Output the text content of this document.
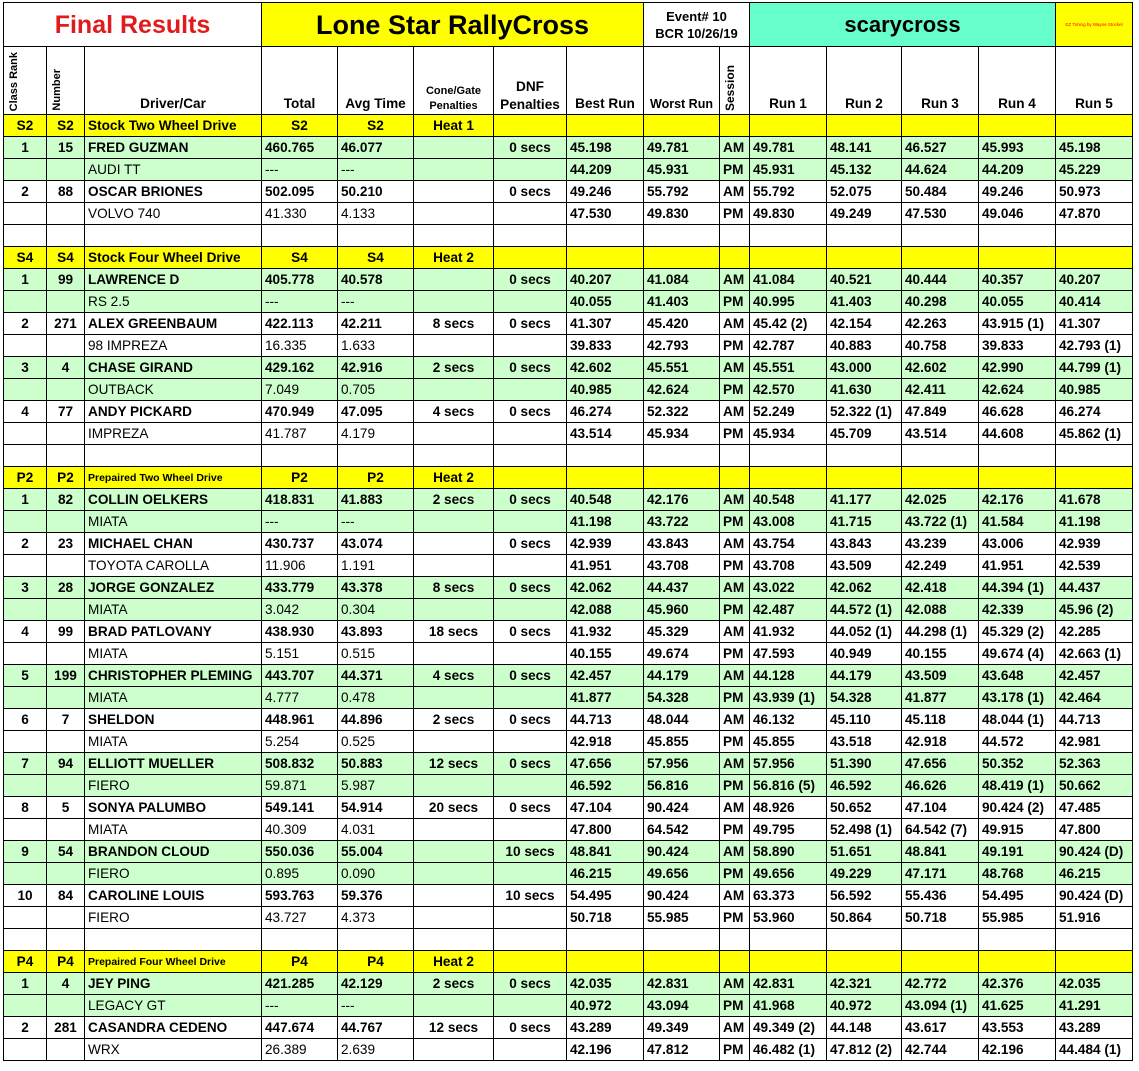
Final Results			Lone Star RallyCross					Event# 10
BCR 10/26/19		scarycross				EZ Timing by Wayne Stockel

Class Rank	Number	Driver/Car	Total	Avg Time	Cone/Gate Penalties	DNF Penalties	Best Run	Worst Run	Session	Run 1	Run 2	Run 3	Run 4	Run 5
S2	S2	Stock Two Wheel Drive	S2	S2	Heat 1									
1	15	FRED GUZMAN	460.765	46.077		0 secs	45.198	49.781	AM	49.781	48.141	46.527	45.993	45.198
		AUDI TT	---	---			44.209	45.931	PM	45.931	45.132	44.624	44.209	45.229
2	88	OSCAR BRIONES	502.095	50.210		0 secs	49.246	55.792	AM	55.792	52.075	50.484	49.246	50.973
		VOLVO 740	41.330	4.133			47.530	49.830	PM	49.830	49.249	47.530	49.046	47.870

S4	S4	Stock Four Wheel Drive	S4	S4	Heat 2									
1	99	LAWRENCE D	405.778	40.578		0 secs	40.207	41.084	AM	41.084	40.521	40.444	40.357	40.207
		RS 2.5	---	---			40.055	41.403	PM	40.995	41.403	40.298	40.055	40.414
2	271	ALEX GREENBAUM	422.113	42.211	8 secs	0 secs	41.307	45.420	AM	45.42 (2)	42.154	42.263	43.915 (1)	41.307
		98 IMPREZA	16.335	1.633			39.833	42.793	PM	42.787	40.883	40.758	39.833	42.793 (1)
3	4	CHASE GIRAND	429.162	42.916	2 secs	0 secs	42.602	45.551	AM	45.551	43.000	42.602	42.990	44.799 (1)
		OUTBACK	7.049	0.705			40.985	42.624	PM	42.570	41.630	42.411	42.624	40.985
4	77	ANDY PICKARD	470.949	47.095	4 secs	0 secs	46.274	52.322	AM	52.249	52.322 (1)	47.849	46.628	46.274
		IMPREZA	41.787	4.179			43.514	45.934	PM	45.934	45.709	43.514	44.608	45.862 (1)

P2	P2	Prepaired Two Wheel Drive	P2	P2	Heat 2									
1	82	COLLIN OELKERS	418.831	41.883	2 secs	0 secs	40.548	42.176	AM	40.548	41.177	42.025	42.176	41.678
		MIATA	---	---			41.198	43.722	PM	43.008	41.715	43.722 (1)	41.584	41.198
2	23	MICHAEL CHAN	430.737	43.074		0 secs	42.939	43.843	AM	43.754	43.843	43.239	43.006	42.939
		TOYOTA CAROLLA	11.906	1.191			41.951	43.708	PM	43.708	43.509	42.249	41.951	42.539
3	28	JORGE GONZALEZ	433.779	43.378	8 secs	0 secs	42.062	44.437	AM	43.022	42.062	42.418	44.394 (1)	44.437
		MIATA	3.042	0.304			42.088	45.960	PM	42.487	44.572 (1)	42.088	42.339	45.96 (2)
4	99	BRAD PATLOVANY	438.930	43.893	18 secs	0 secs	41.932	45.329	AM	41.932	44.052 (1)	44.298 (1)	45.329 (2)	42.285
		MIATA	5.151	0.515			40.155	49.674	PM	47.593	40.949	40.155	49.674 (4)	42.663 (1)
5	199	CHRISTOPHER PLEMING	443.707	44.371	4 secs	0 secs	42.457	44.179	AM	44.128	44.179	43.509	43.648	42.457
		MIATA	4.777	0.478			41.877	54.328	PM	43.939 (1)	54.328	41.877	43.178 (1)	42.464
6	7	SHELDON	448.961	44.896	2 secs	0 secs	44.713	48.044	AM	46.132	45.110	45.118	48.044 (1)	44.713
		MIATA	5.254	0.525			42.918	45.855	PM	45.855	43.518	42.918	44.572	42.981
7	94	ELLIOTT MUELLER	508.832	50.883	12 secs	0 secs	47.656	57.956	AM	57.956	51.390	47.656	50.352	52.363
		FIERO	59.871	5.987			46.592	56.816	PM	56.816 (5)	46.592	46.626	48.419 (1)	50.662
8	5	SONYA PALUMBO	549.141	54.914	20 secs	0 secs	47.104	90.424	AM	48.926	50.652	47.104	90.424 (2)	47.485
		MIATA	40.309	4.031			47.800	64.542	PM	49.795	52.498 (1)	64.542 (7)	49.915	47.800
9	54	BRANDON CLOUD	550.036	55.004		10 secs	48.841	90.424	AM	58.890	51.651	48.841	49.191	90.424 (D)
		FIERO	0.895	0.090			46.215	49.656	PM	49.656	49.229	47.171	48.768	46.215
10	84	CAROLINE LOUIS	593.763	59.376		10 secs	54.495	90.424	AM	63.373	56.592	55.436	54.495	90.424 (D)
		FIERO	43.727	4.373			50.718	55.985	PM	53.960	50.864	50.718	55.985	51.916

P4	P4	Prepaired Four Wheel Drive	P4	P4	Heat 2									
1	4	JEY PING	421.285	42.129	2 secs	0 secs	42.035	42.831	AM	42.831	42.321	42.772	42.376	42.035
		LEGACY GT	---	---			40.972	43.094	PM	41.968	40.972	43.094 (1)	41.625	41.291
2	281	CASANDRA CEDENO	447.674	44.767	12 secs	0 secs	43.289	49.349	AM	49.349 (2)	44.148	43.617	43.553	43.289
		WRX	26.389	2.639			42.196	47.812	PM	46.482 (1)	47.812 (2)	42.744	42.196	44.484 (1)
